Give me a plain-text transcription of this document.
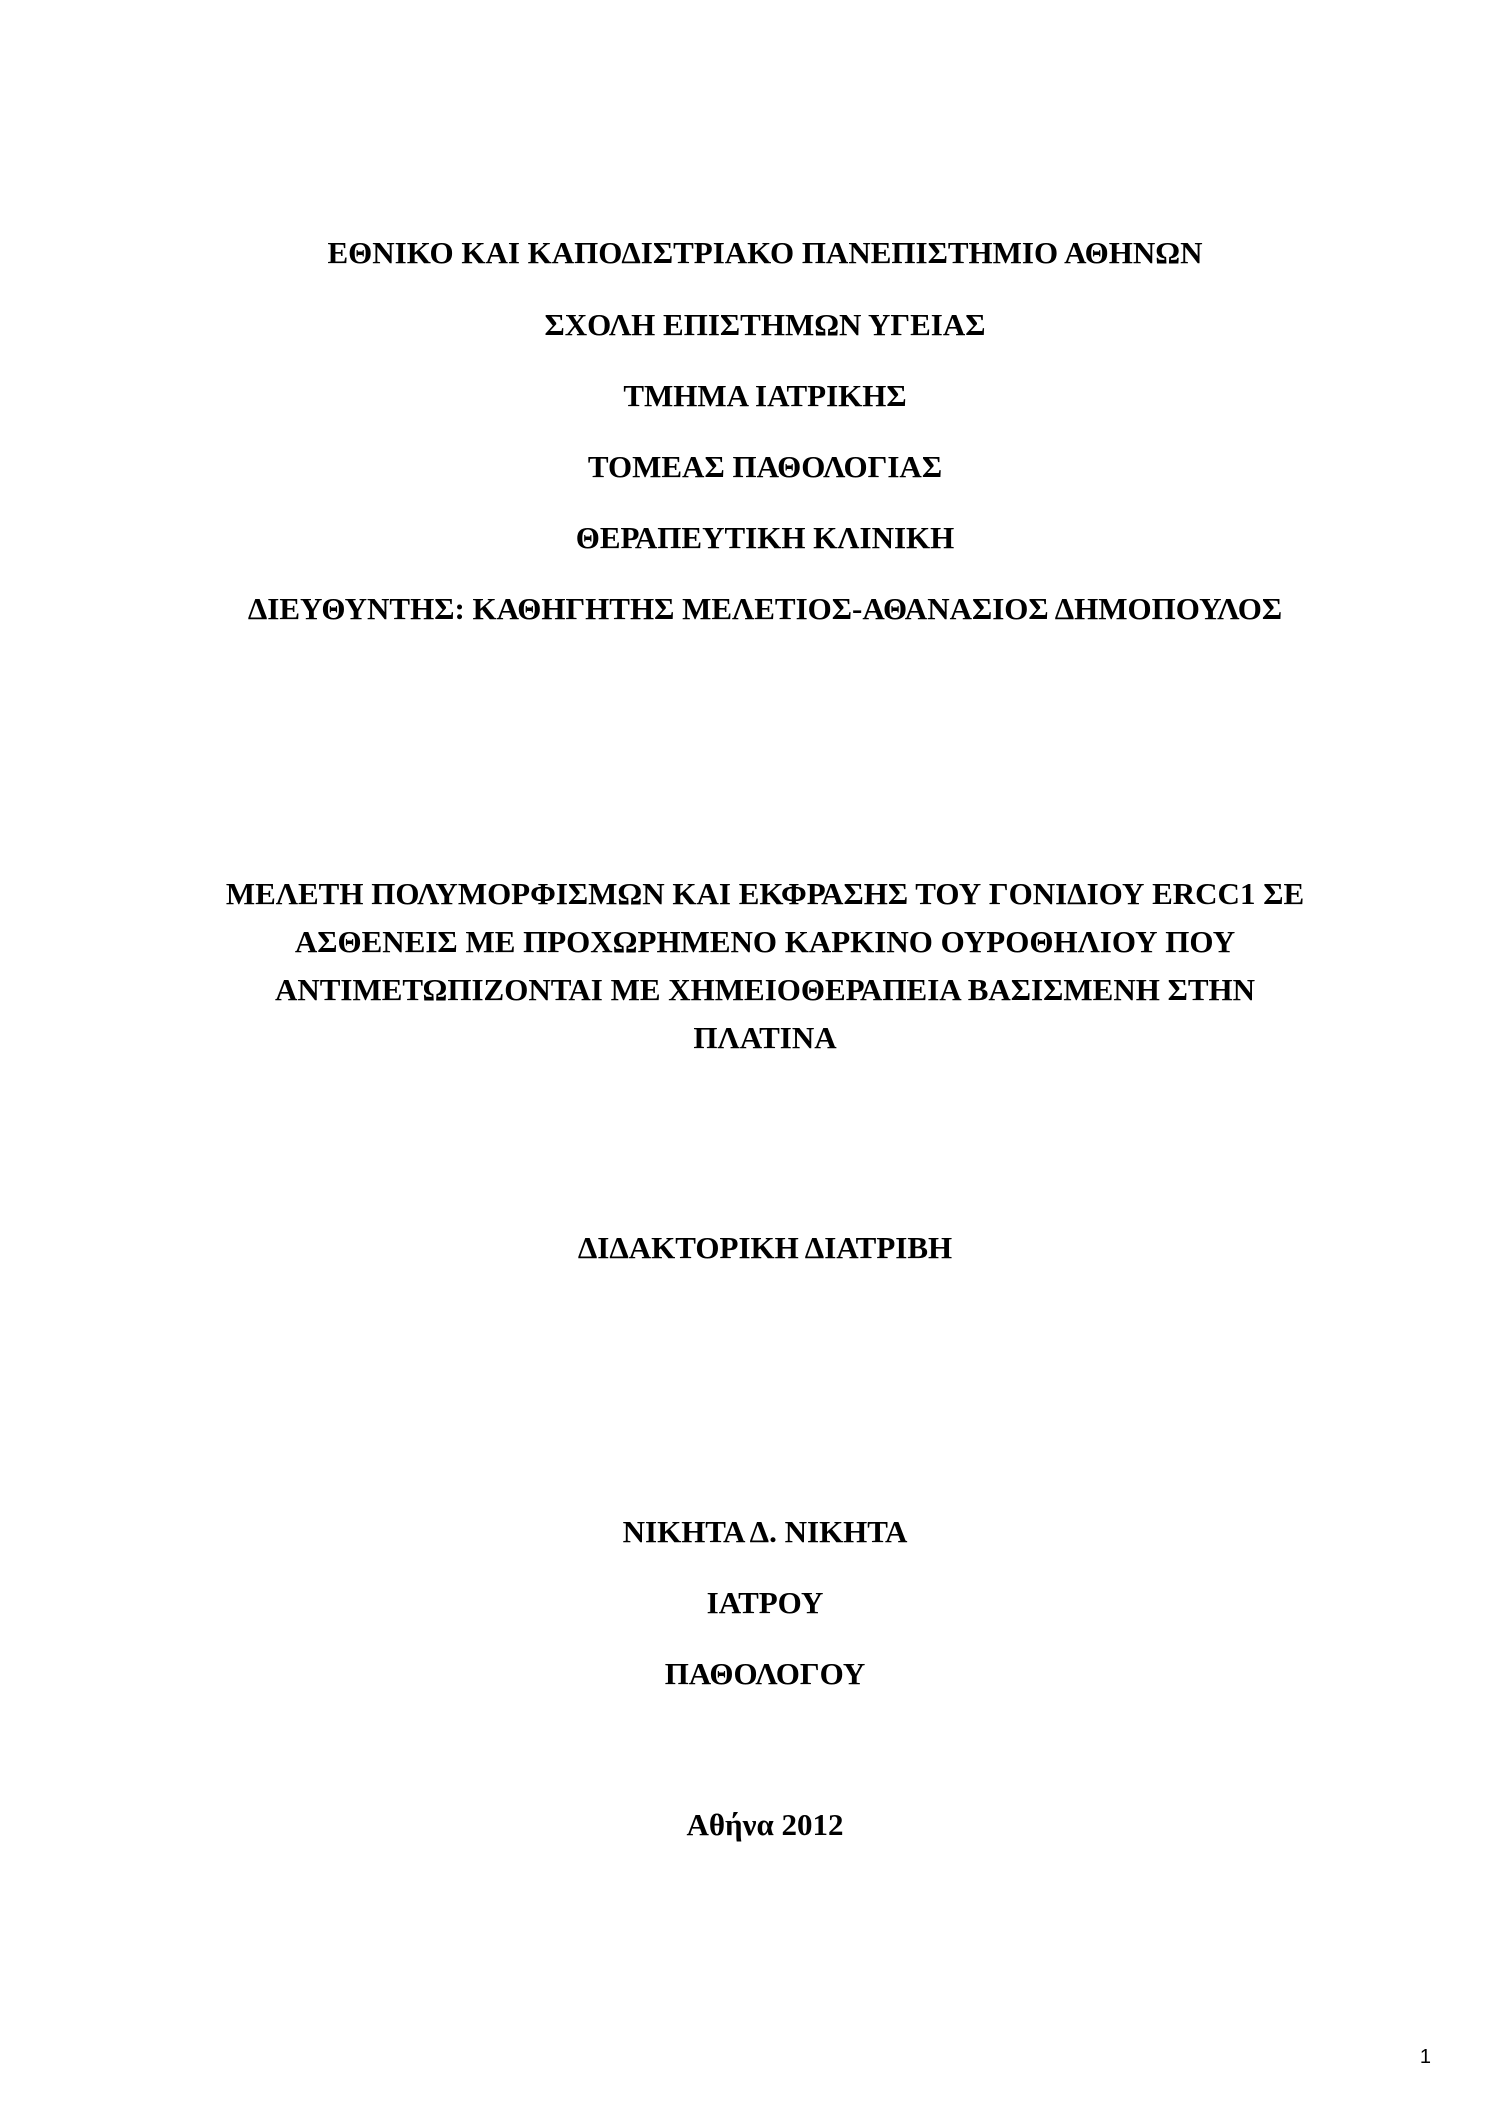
ΕΘΝΙΚΟ ΚΑΙ ΚΑΠΟΔΙΣΤΡΙΑΚΟ ΠΑΝΕΠΙΣΤΗΜΙΟ ΑΘΗΝΩΝ
ΣΧΟΛΗ ΕΠΙΣΤΗΜΩΝ ΥΓΕΙΑΣ
ΤΜΗΜΑ ΙΑΤΡΙΚΗΣ
ΤΟΜΕΑΣ ΠΑΘΟΛΟΓΙΑΣ
ΘΕΡΑΠΕΥΤΙΚΗ ΚΛΙΝΙΚΗ
ΔΙΕΥΘΥΝΤΗΣ: ΚΑΘΗΓΗΤΗΣ ΜΕΛΕΤΙΟΣ-ΑΘΑΝΑΣΙΟΣ ΔΗΜΟΠΟΥΛΟΣ
ΜΕΛΕΤΗ ΠΟΛΥΜΟΡΦΙΣΜΩΝ ΚΑΙ ΕΚΦΡΑΣΗΣ ΤΟΥ ΓΟΝΙΔΙΟΥ ERCC1 ΣΕ
ΑΣΘΕΝΕΙΣ ΜΕ ΠΡΟΧΩΡΗΜΕΝΟ ΚΑΡΚΙΝΟ ΟΥΡΟΘΗΛΙΟΥ ΠΟΥ
ΑΝΤΙΜΕΤΩΠΙΖΟΝΤΑΙ ΜΕ ΧΗΜΕΙΟΘΕΡΑΠΕΙΑ ΒΑΣΙΣΜΕΝΗ ΣΤΗΝ
ΠΛΑΤΙΝΑ
ΔΙΔΑΚΤΟΡΙΚΗ ΔΙΑΤΡΙΒΗ
ΝΙΚΗΤΑ Δ. ΝΙΚΗΤΑ
ΙΑΤΡΟΥ
ΠΑΘΟΛΟΓΟΥ
Αθήνα 2012
1
